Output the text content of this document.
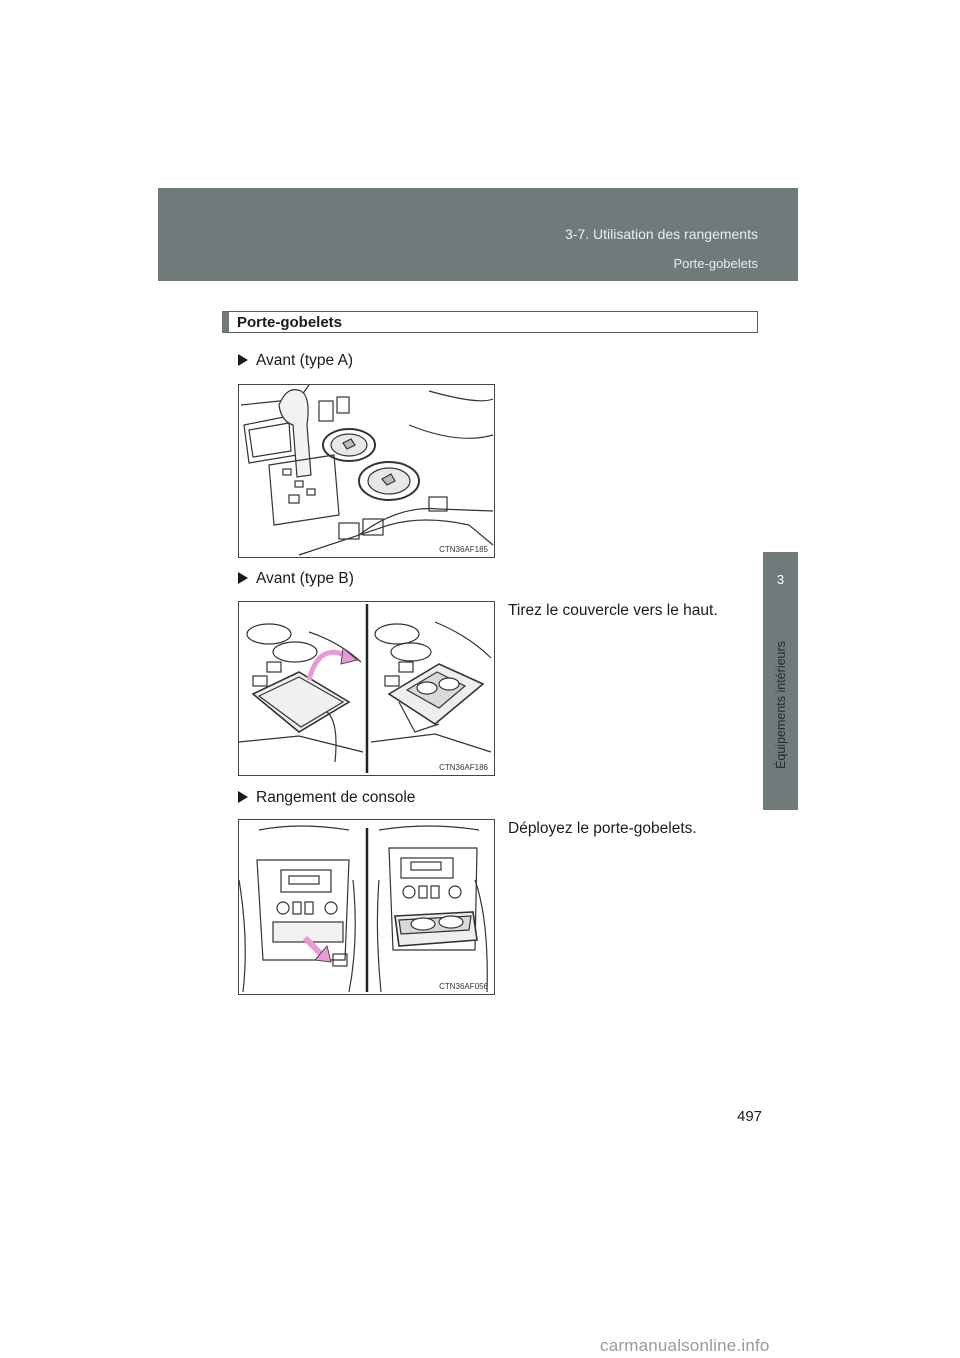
3-7. Utilisation des rangements
Porte-gobelets
3
Équipements intérieurs
Porte-gobelets
Avant (type A)
CTN36AF185
Avant (type B)
Tirez le couvercle vers le haut.
CTN36AF186
Rangement de console
Déployez le porte-gobelets.
CTN36AF056
497
carmanualsonline.info
